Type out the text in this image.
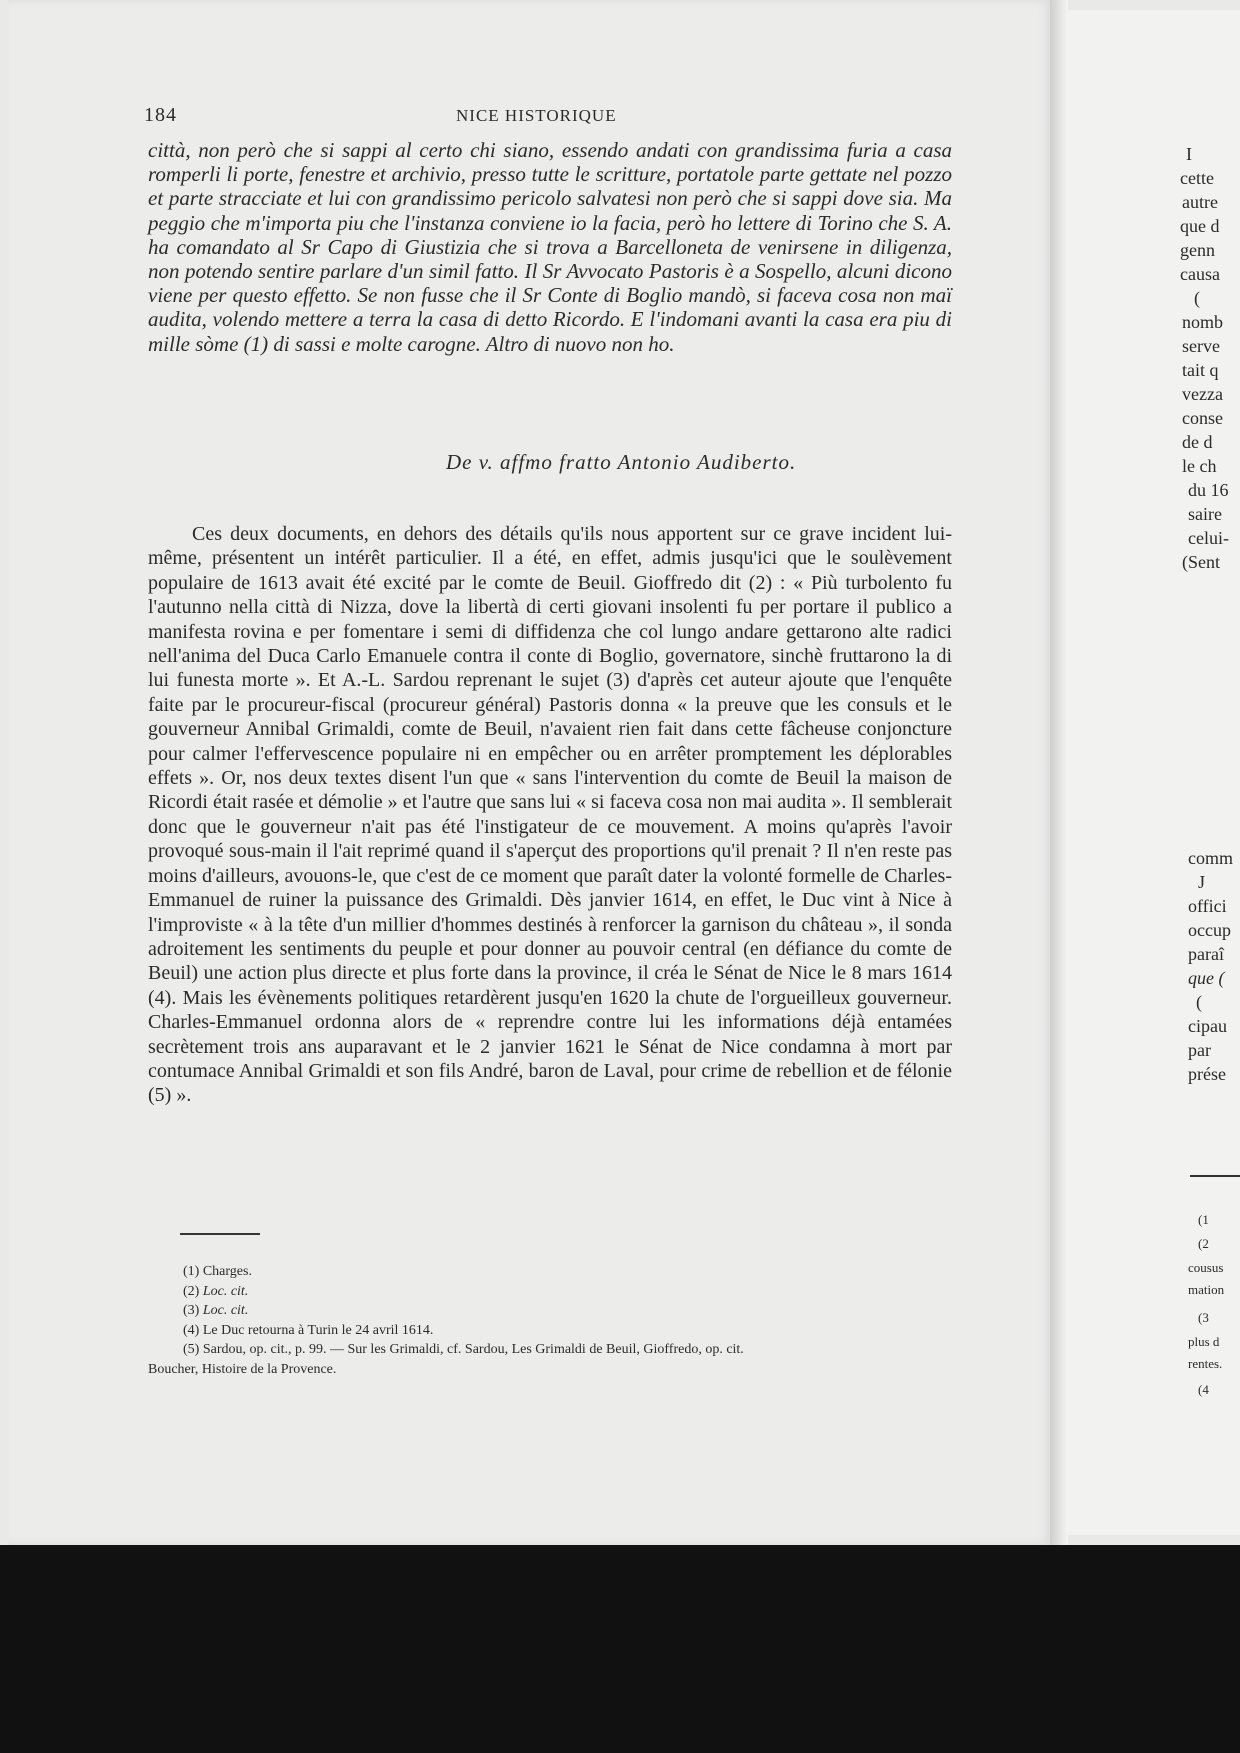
184	NICE HISTORIQUE
città, non però che si sappi al certo chi siano, essendo andati con grandissima furia a casa romperli li porte, fenestre et archivio, presso tutte le scritture, portatole parte gettate nel pozzo et parte stracciate et lui con grandissimo pericolo salvatesi non però che si sappi dove sia. Ma peggio che m'importa piu che l'instanza conviene io la facia, però ho lettere di Torino che S. A. ha comandato al Sr Capo di Giustizia che si trova a Barcelloneta de venirsene in diligenza, non potendo sentire parlare d'un simil fatto. Il Sr Avvocato Pastoris è a Sospello, alcuni dicono viene per questo effetto. Se non fusse che il Sr Conte di Boglio mandò, si faceva cosa non maï audita, volendo mettere a terra la casa di detto Ricordo. E l'indomani avanti la casa era piu di mille sòme (1) di sassi e molte carogne. Altro di nuovo non ho.
De v. affmo fratto Antonio Audiberto.
Ces deux documents, en dehors des détails qu'ils nous apportent sur ce grave incident lui-même, présentent un intérêt particulier. Il a été, en effet, admis jusqu'ici que le soulèvement populaire de 1613 avait été excité par le comte de Beuil. Gioffredo dit (2) : « Più turbolento fu l'autunno nella città di Nizza, dove la libertà di certi giovani insolenti fu per portare il publico a manifesta rovina e per fomentare i semi di diffidenza che col lungo andare gettarono alte radici nell'anima del Duca Carlo Emanuele contra il conte di Boglio, governatore, sinchè fruttarono la di lui funesta morte ». Et A.-L. Sardou reprenant le sujet (3) d'après cet auteur ajoute que l'enquête faite par le procureur-fiscal (procureur général) Pastoris donna « la preuve que les consuls et le gouverneur Annibal Grimaldi, comte de Beuil, n'avaient rien fait dans cette fâcheuse conjoncture pour calmer l'effervescence populaire ni en empêcher ou en arrêter promptement les déplorables effets ». Or, nos deux textes disent l'un que « sans l'intervention du comte de Beuil la maison de Ricordi était rasée et démolie » et l'autre que sans lui « si faceva cosa non mai audita ». Il semblerait donc que le gouverneur n'ait pas été l'instigateur de ce mouvement. A moins qu'après l'avoir provoqué sous-main il l'ait reprimé quand il s'aperçut des proportions qu'il prenait ? Il n'en reste pas moins d'ailleurs, avouons-le, que c'est de ce moment que paraît dater la volonté formelle de Charles-Emmanuel de ruiner la puissance des Grimaldi. Dès janvier 1614, en effet, le Duc vint à Nice à l'improviste « à la tête d'un millier d'hommes destinés à renforcer la garnison du château », il sonda adroitement les sentiments du peuple et pour donner au pouvoir central (en défiance du comte de Beuil) une action plus directe et plus forte dans la province, il créa le Sénat de Nice le 8 mars 1614 (4). Mais les évènements politiques retardèrent jusqu'en 1620 la chute de l'orgueilleux gouverneur. Charles-Emmanuel ordonna alors de « reprendre contre lui les informations déjà entamées secrètement trois ans auparavant et le 2 janvier 1621 le Sénat de Nice condamna à mort par contumace Annibal Grimaldi et son fils André, baron de Laval, pour crime de rebellion et de félonie (5) ».

(1) Charges.

(2) Loc. cit.

(3) Loc. cit.

(4) Le Duc retourna à Turin le 24 avril 1614.

(5) Sardou, op. cit., p. 99. — Sur les Grimaldi, cf. Sardou, Les Grimaldi de Beuil, Gioffredo, op. cit.

Boucher, Histoire de la Provence.

I
cette
autre
que d
genn
causa
(
nomb
serve
tait q
vezza
conse
de d
le ch
du 16
saire
celui-
(Sent
comm
J
offici
occup
paraî
que (
(
cipau
par
prése
(1
(2
cousus
mation
(3
plus d
rentes.
(4
